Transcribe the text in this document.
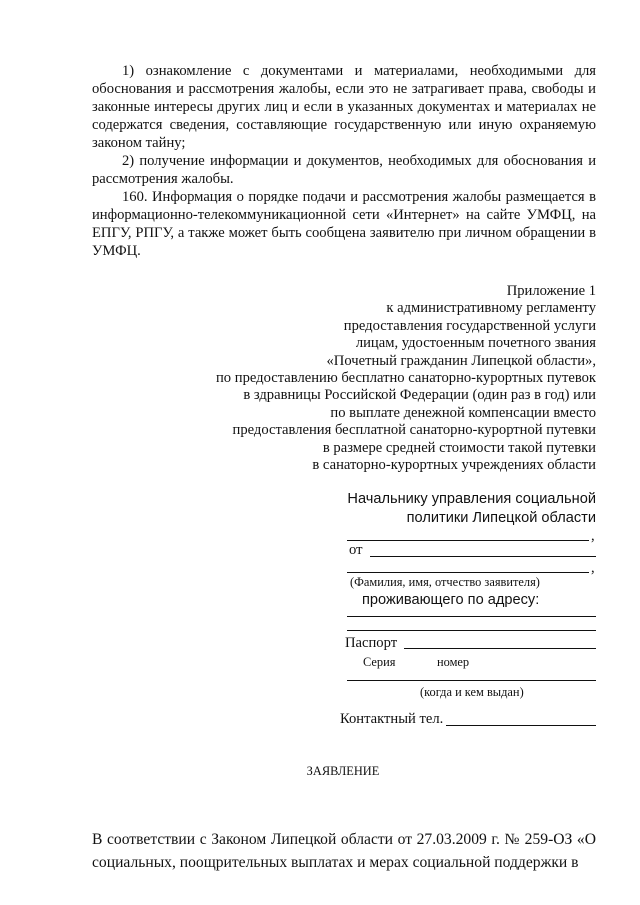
1) ознакомление с документами и материалами, необходимыми для обоснования и рассмотрения жалобы, если это не затрагивает права, свободы и законные интересы других лиц и если в указанных документах и материалах не содержатся сведения, составляющие государственную или иную охраняемую законом тайну;
2) получение информации и документов, необходимых для обоснования и рассмотрения жалобы.
160. Информация о порядке подачи и рассмотрения жалобы размещается в информационно-телекоммуникационной сети «Интернет» на сайте УМФЦ, на ЕПГУ, РПГУ, а также может быть сообщена заявителю при личном обращении в УМФЦ.
Приложение 1
к административному регламенту
предоставления государственной услуги
лицам, удостоенным почетного звания
«Почетный гражданин Липецкой области»,
по предоставлению бесплатно санаторно-курортных путевок
в здравницы Российской Федерации (один раз в год) или
по выплате денежной компенсации вместо
предоставления бесплатной санаторно-курортной путевки
в размере средней стоимости такой путевки
в санаторно-курортных учреждениях области
Начальнику управления социальной
политики Липецкой области
,
от
,
(Фамилия, имя, отчество заявителя)
проживающего по адресу:
Паспорт
Серия	номер
(когда и кем выдан)
Контактный тел.
ЗАЯВЛЕНИЕ
В соответствии с Законом Липецкой области от 27.03.2009 г. № 259-ОЗ «О социальных, поощрительных выплатах и мерах социальной поддержки в
